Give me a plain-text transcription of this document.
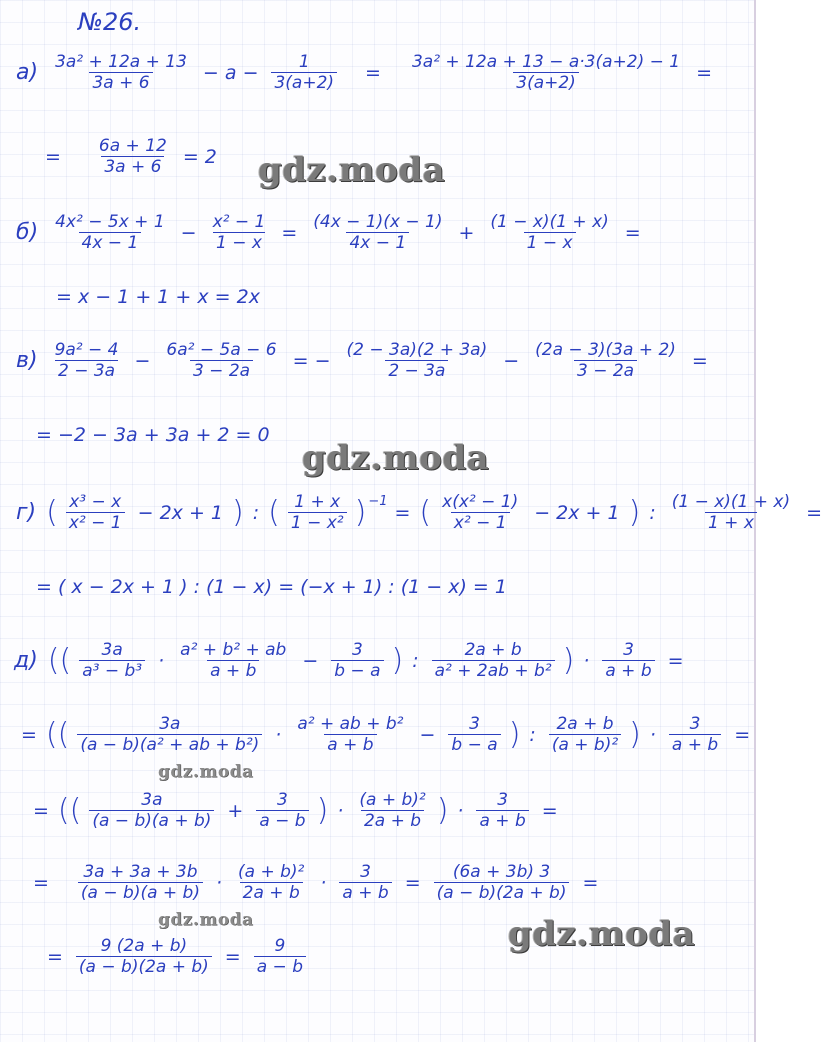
№26.
$а) \frac{\text{3a² + 12a + 13}}{3a + 6} - a - \frac{1}{3(a+2)} = \frac{\text{3a² + 12a + 13 − a·3(a+2) − 1}}{3(a+2)}$ =
= $\frac{6a + 12}{3a + 6} = 2$
$б) \frac{\text{4x² − 5x + 1}}{4x - 1} - \frac{\text{x² − 1}}{1 - x} = \frac{(4x - 1)(x - 1)}{4x - 1} + \frac{(1 - x)(1 + x)}{1 - x}$ =
= x − 1 + 1 + x = 2x
$в) \frac{\text{9a² − 4}}{2 - 3a} - \frac{\text{6a² − 5a − 6}}{3 - 2a}$ = − $\frac{(2 - 3a)(2 + 3a)}{2 - 3a} - \frac{(2a - 3)(3a + 2)}{3 - 2a}$ =
= −2 − 3a + 3a + 2 = 0
г) ( $\frac{\text{x³ − x}}{\text{x² − 1}} - 2x + 1$ ) : ( $\frac{1 + x}{\text{1 − x²}}$ ) −1 = ( $\frac{\text{x(x² − 1)}}{\text{x² − 1}} - 2x + 1$ ) : $\frac{(1 - x)(1 + x)}{1 + x}$ =
= ( x − 2x + 1 ) : (1 − x) = (−x + 1) : (1 − x) = 1
д) (( $\frac{3a}{\text{a³ − b³}} \cdot \frac{\text{a² + b² + ab}}{a + b} - \frac{3}{b - a}$ ) : $\frac{2a + b}{\text{a² + 2ab + b²}}$ ) · $\frac{3}{a + b}$ =
= (( $\frac{3a}{\text{(a − b)(a² + ab + b²)}} \cdot \frac{\text{a² + ab + b²}}{a + b} - \frac{3}{b - a}$ ) : $\frac{2a + b}{\text{(a + b)²}}$ ) · $\frac{3}{a + b}$ =
= (( $\frac{3a}{(a - b)(a + b)} + \frac{3}{a - b}$ ) · $\frac{\text{(a + b)²}}{2a + b}$ ) · $\frac{3}{a + b}$ =
= $\frac{3a + 3a + 3b}{(a - b)(a + b)} \cdot \frac{\text{(a + b)²}}{2a + b} \cdot \frac{3}{a + b} = \frac{(6a + 3b) 3}{(a - b)(2a + b)}$ =
= $\frac{9 (2a + b)}{(a - b)(2a + b)} = \frac{9}{a - b}$
gdz.moda
gdz.moda
gdz.moda
gdz.moda	gdz.moda
